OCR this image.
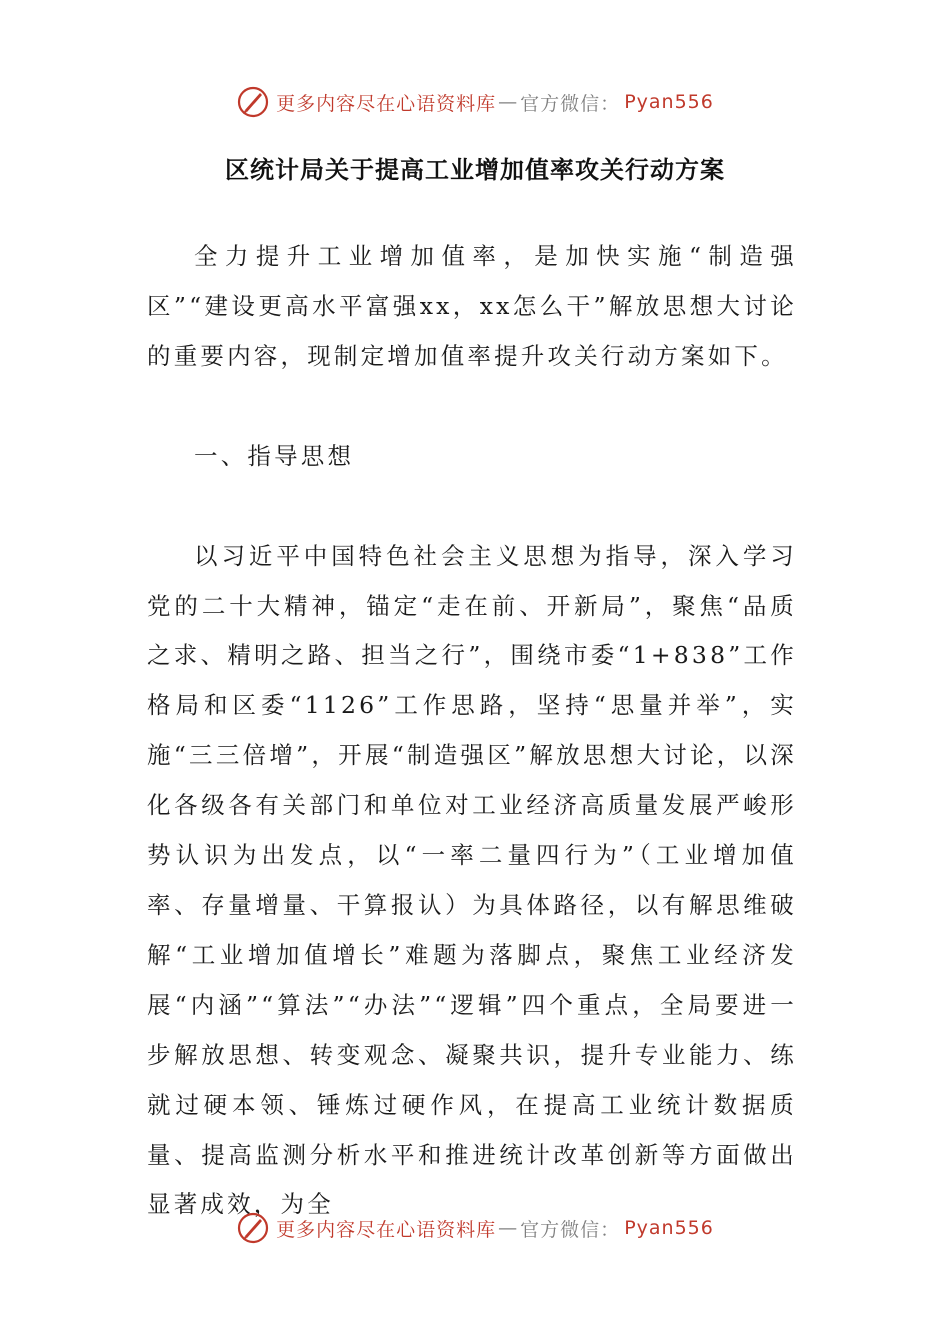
更多内容尽在心语资料库 — 官方微信： Pyan556
区统计局关于提高工业增加值率攻关行动方案

全力提升工业增加值率，是加快实施“制造强区”“建设更高水平富强xx，xx怎么干”解放思想大讨论的重要内容，现制定增加值率提升攻关行动方案如下。

一、指导思想

以习近平中国特色社会主义思想为指导，深入学习党的二十大精神，锚定“走在前、开新局”，聚焦“品质之求、精明之路、担当之行”，围绕市委“1+838”工作格局和区委“1126”工作思路，坚持“思量并举”，实施“三三倍增”，开展“制造强区”解放思想大讨论，以深化各级各有关部门和单位对工业经济高质量发展严峻形势认识为出发点，以“一率二量四行为”（工业增加值率、存量增量、干算报认）为具体路径，以有解思维破解“工业增加值增长”难题为落脚点，聚焦工业经济发展“内涵”“算法”“办法”“逻辑”四个重点，全局要进一步解放思想、转变观念、凝聚共识，提升专业能力、练就过硬本领、锤炼过硬作风，在提高工业统计数据质量、提高监测分析水平和推进统计改革创新等方面做出显著成效，为全

更多内容尽在心语资料库 — 官方微信： Pyan556
